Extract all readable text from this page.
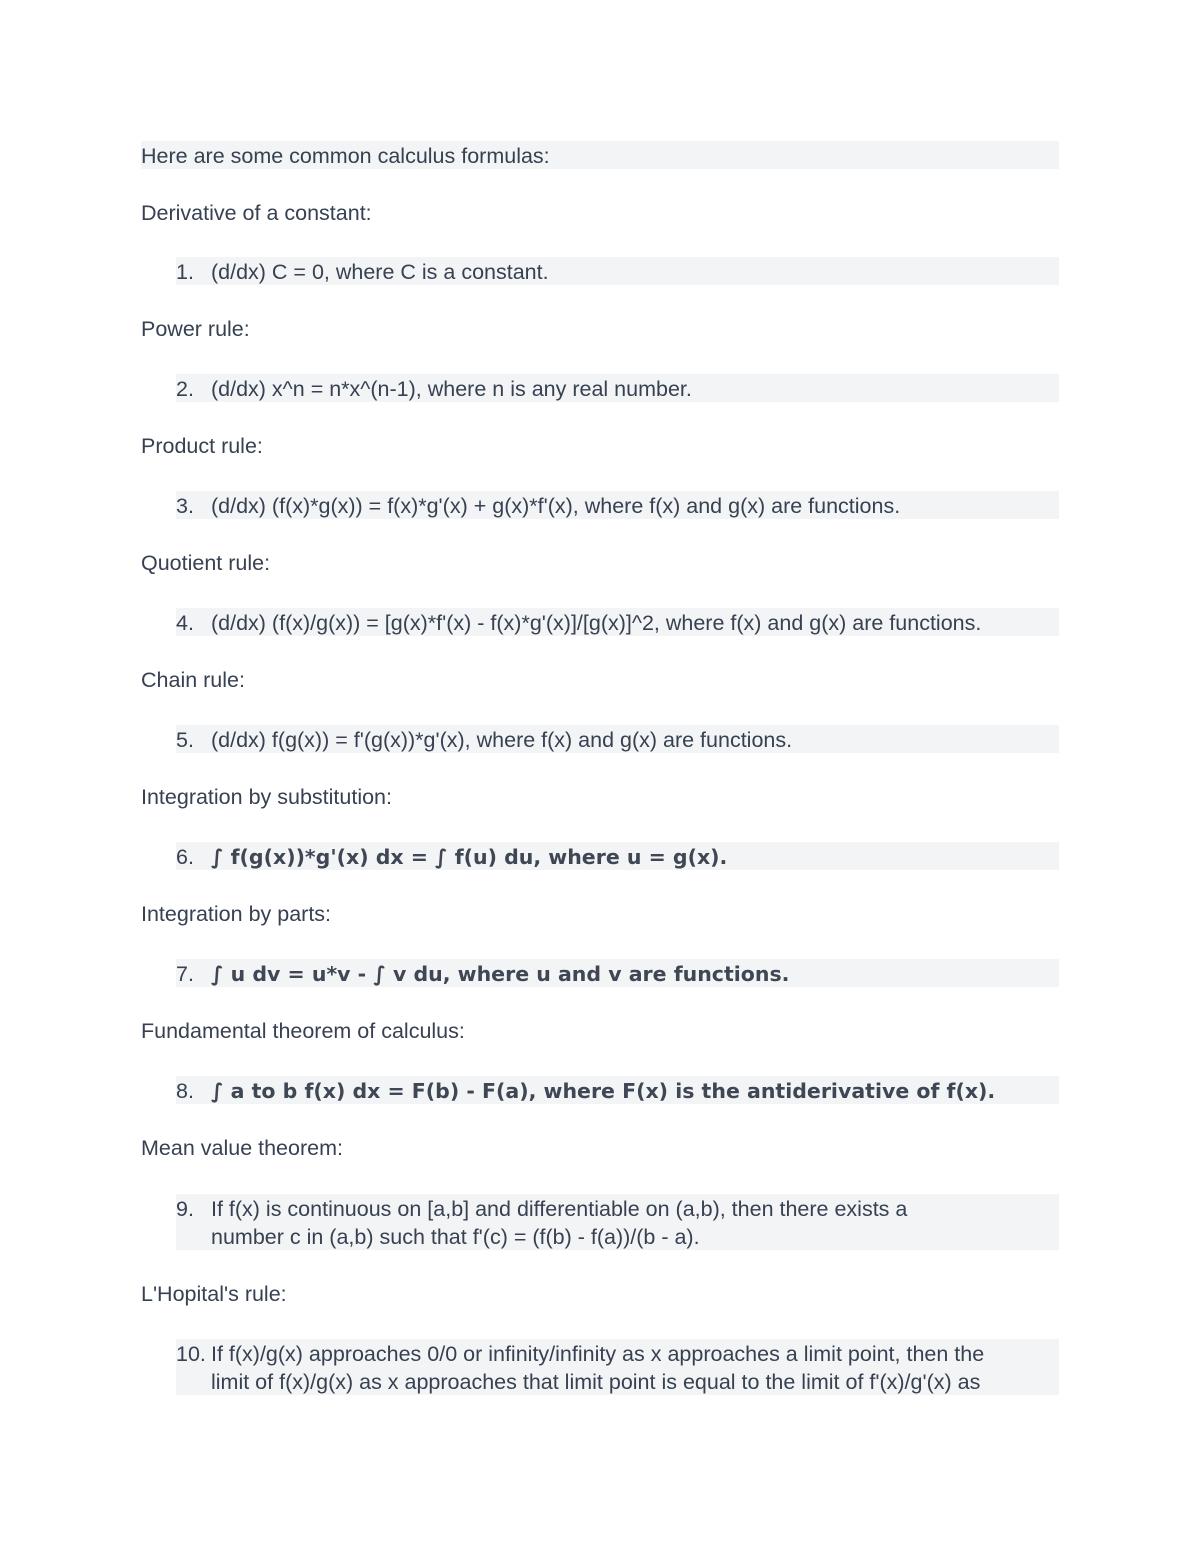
Here are some common calculus formulas:
Derivative of a constant:
1. (d/dx) C = 0, where C is a constant.
Power rule:
2. (d/dx) x^n = n*x^(n-1), where n is any real number.
Product rule:
3. (d/dx) (f(x)*g(x)) = f(x)*g'(x) + g(x)*f'(x), where f(x) and g(x) are functions.
Quotient rule:
4. (d/dx) (f(x)/g(x)) = [g(x)*f'(x) - f(x)*g'(x)]/[g(x)]^2, where f(x) and g(x) are functions.
Chain rule:
5. (d/dx) f(g(x)) = f'(g(x))*g'(x), where f(x) and g(x) are functions.
Integration by substitution:
6. ∫ f(g(x))*g'(x) dx = ∫ f(u) du, where u = g(x).
Integration by parts:
7. ∫ u dv = u*v - ∫ v du, where u and v are functions.
Fundamental theorem of calculus:
8. ∫ a to b f(x) dx = F(b) - F(a), where F(x) is the antiderivative of f(x).
Mean value theorem:
9. If f(x) is continuous on [a,b] and differentiable on (a,b), then there exists a
number c in (a,b) such that f'(c) = (f(b) - f(a))/(b - a).
L'Hopital's rule:
10. If f(x)/g(x) approaches 0/0 or infinity/infinity as x approaches a limit point, then the
limit of f(x)/g(x) as x approaches that limit point is equal to the limit of f'(x)/g'(x) as
